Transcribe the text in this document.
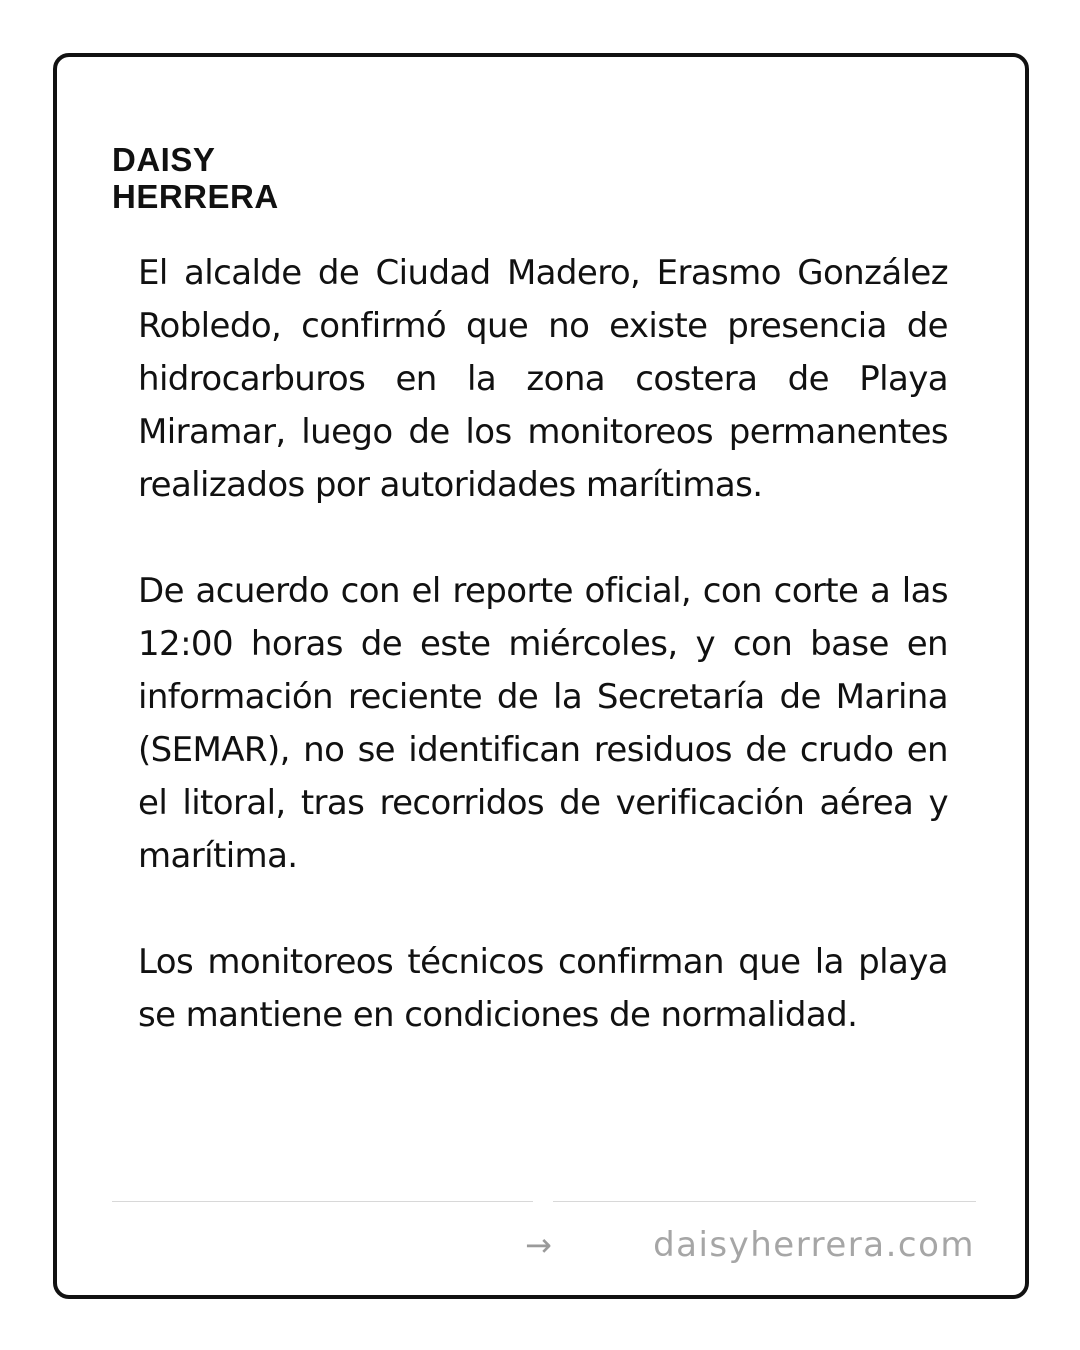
DAISY
HERRERA

El alcalde de Ciudad Madero, Erasmo González Robledo, confirmó que no existe presencia de hidrocarburos en la zona costera de Playa Miramar, luego de los monitoreos permanentes realizados por autoridades marítimas.

De acuerdo con el reporte oficial, con corte a las 12:00 horas de este miércoles, y con base en información reciente de la Secretaría de Marina (SEMAR), no se identifican residuos de crudo en el litoral, tras recorridos de verificación aérea y marítima.

Los monitoreos técnicos confirman que la playa se mantiene en condiciones de normalidad.

→	daisyherrera.com
